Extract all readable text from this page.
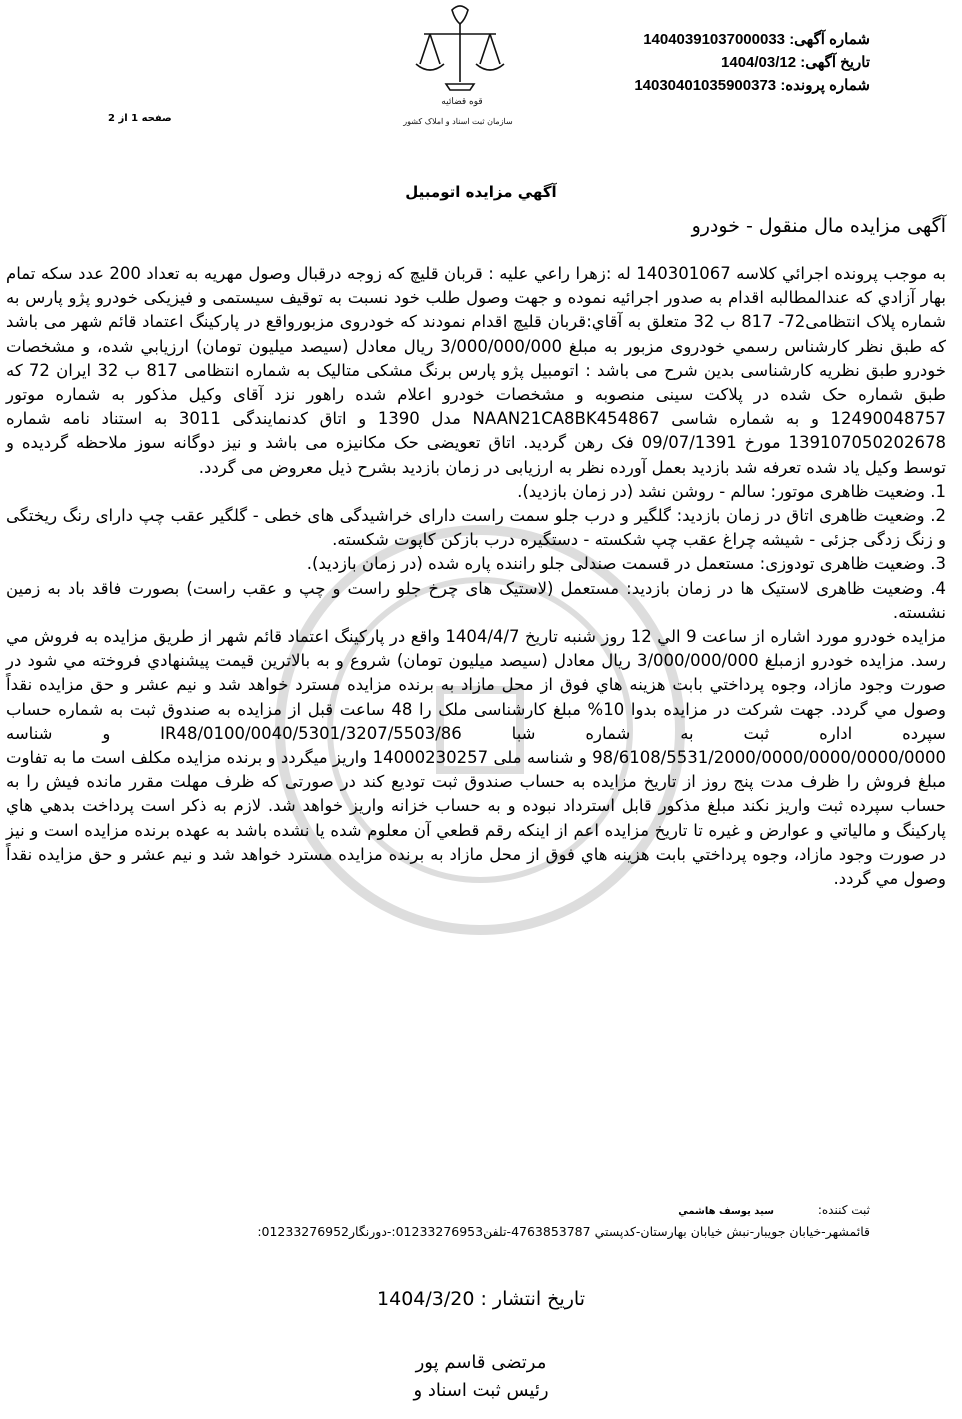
شماره آگهی: 14040391037000033
تاریخ آگهی: 1404/03/12
شماره پرونده: 14030401035900373
قوه قضائیه
سازمان ثبت اسناد و املاک کشور
صفحه 1 از 2
آگهي مزايده اتومبيل
آگهی مزایده مال منقول - خودرو

به موجب پرونده اجرائي كلاسه 140301067 له :زهرا راعي عليه : قربان قليچ كه زوجه درقبال وصول مهريه به تعداد 200 عدد سكه تمام بهار آزادي كه عندالمطالبه اقدام به صدور اجرائيه نموده و جهت وصول طلب خود نسبت به توقيف سيستمی و فيزيكی خودرو پژو پارس به شماره پلاک انتظامی72- 817 ب 32 متعلق به آقاي:قربان قليچ اقدام نمودند كه خودروی مزبورواقع در پاركينگ اعتماد قائم شهر می باشد كه طبق نظر كارشناس رسمي خودروی مزبور به مبلغ 3/000/000/000 ريال معادل (سيصد ميليون تومان) ارزيابي شده، و مشخصات خودرو طبق نظريه كارشناسی بدين شرح می باشد : اتومبيل پژو پارس برنگ مشكی متاليک به شماره انتظامی 817 ب 32 ايران 72 كه طبق شماره حک شده در پلاكت سينی منصوبه و مشخصات خودرو اعلام شده راهور نزد آقای وكيل مذكور به شماره موتور 12490048757 و به شماره شاسی NAAN21CA8BK454867 مدل 1390 و اتاق كدنمايندگی 3011 به استناد نامه شماره 13910705020267​8 مورخ 09/07/1391 فک رهن گرديد. اتاق تعويضی حک مكانيزه می باشد و نيز دوگانه سوز ملاحظه گرديده و توسط وكيل ياد شده تعرفه شد بازديد بعمل آورده نظر به ارزيابی در زمان بازديد بشرح ذيل معروض می گردد.

1. وضعيت ظاهری موتور: سالم - روشن نشد (در زمان بازديد).

2. وضعيت ظاهری اتاق در زمان بازديد: گلگير و درب جلو سمت راست دارای خراشيدگی های خطی - گلگير عقب چپ دارای رنگ ريختگی و زنگ زدگی جزئی - شيشه چراغ عقب چپ شكسته - دستگيره درب بازكن كاپوت شكسته.

3. وضعيت ظاهری تودوزی: مستعمل در قسمت صندلی جلو راننده پاره شده (در زمان بازديد).

4. وضعيت ظاهری لاستيک ها در زمان بازديد: مستعمل (لاستيک های چرخ جلو راست و چپ و عقب راست) بصورت فاقد باد به زمين نشسته.

مزايده خودرو مورد اشاره از ساعت 9 الي 12 روز شنبه تاريخ 1404/4/7 واقع در پاركينگ اعتماد قائم شهر از طريق مزايده به فروش مي رسد. مزايده خودرو ازمبلغ 3/000/000/000 ريال معادل (سيصد ميليون تومان) شروع و به بالاترين قيمت پيشنهادي فروخته مي شود در صورت وجود مازاد، وجوه پرداختي بابت هزينه هاي فوق از محل مازاد به برنده مزايده مسترد خواهد شد و نيم عشر و حق مزايده نقداً وصول مي گردد. جهت شركت در مزايده بدوا 10% مبلغ كارشناسی ملک را 48 ساعت قبل از مزايده به صندوق ثبت به شماره حساب سپرده اداره ثبت به شماره شبا IR48/0100/0040/5301/3207/5503/86 و شناسه 98/6108/5531/2000/0000/0000/0000/0000 و شناسه ملی 14000230257 واريز ميگردد و برنده مزايده مكلف است ما به تفاوت مبلغ فروش را ظرف مدت پنج روز از تاريخ مزايده به حساب صندوق ثبت توديع كند در صورتی كه ظرف مهلت مقرر مانده فيش را به حساب سپرده ثبت واريز نكند مبلغ مذكور قابل استرداد نبوده و به حساب خزانه واريز خواهد شد. لازم به ذكر است پرداخت بدهي هاي پاركينگ و مالياتي و عوارض و غيره تا تاريخ مزايده اعم از اينكه رقم قطعي آن معلوم شده يا نشده باشد به عهده برنده مزايده است و نيز در صورت وجود مازاد، وجوه پرداختي بابت هزينه هاي فوق از محل مازاد به برنده مزايده مسترد خواهد شد و نيم عشر و حق مزايده نقداً وصول مي گردد.

ثبت كننده: سيد يوسف هاشمي
قائمشهر-خيابان جويبار-نبش خيابان بهارستان-كدپستي 4763853787-تلفن01233276953:-دورنگار01233276952:
تاريخ انتشار : 1404/3/20
مرتضی قاسم پور
رئيس ثبت اسناد و
